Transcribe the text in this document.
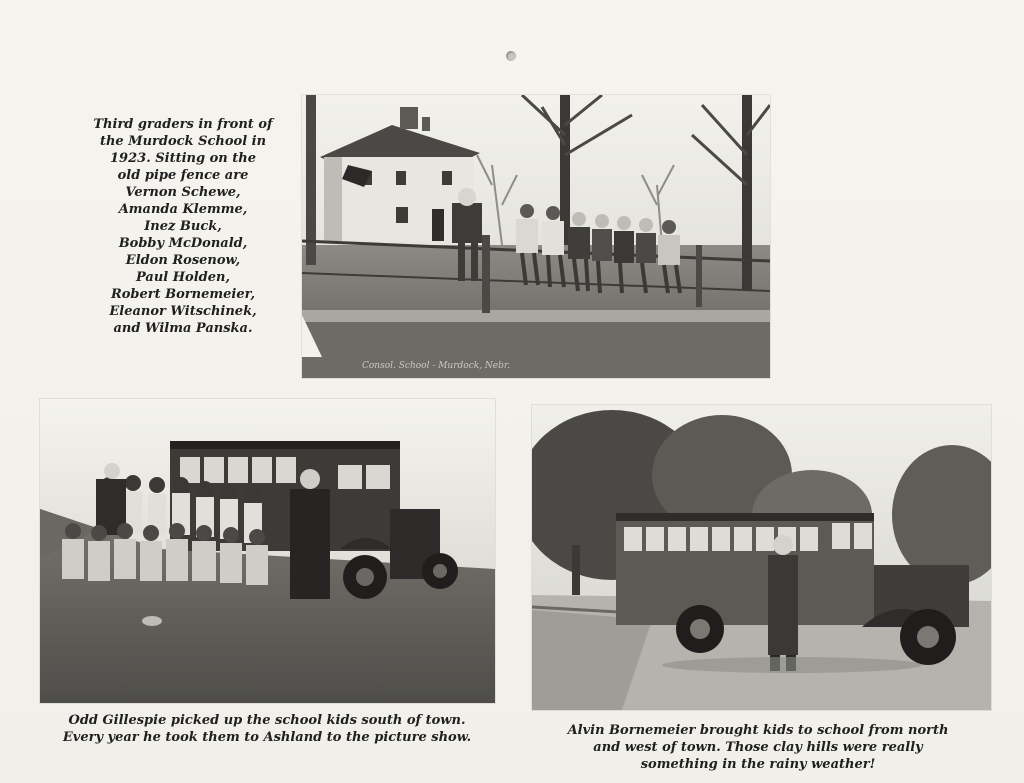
Third graders in front of
the Murdock School in
1923. Sitting on the
old pipe fence are
Vernon Schewe,
Amanda Klemme,
Inez Buck,
Bobby McDonald,
Eldon Rosenow,
Paul Holden,
Robert Bornemeier,
Eleanor Witschinek,
and Wilma Panska.
Consol. School - Murdock, Nebr.
Odd Gillespie picked up the school kids south of town.
Every year he took them to Ashland to the picture show.	Alvin Bornemeier brought kids to school from north
and west of town. Those clay hills were really
something in the rainy weather!
